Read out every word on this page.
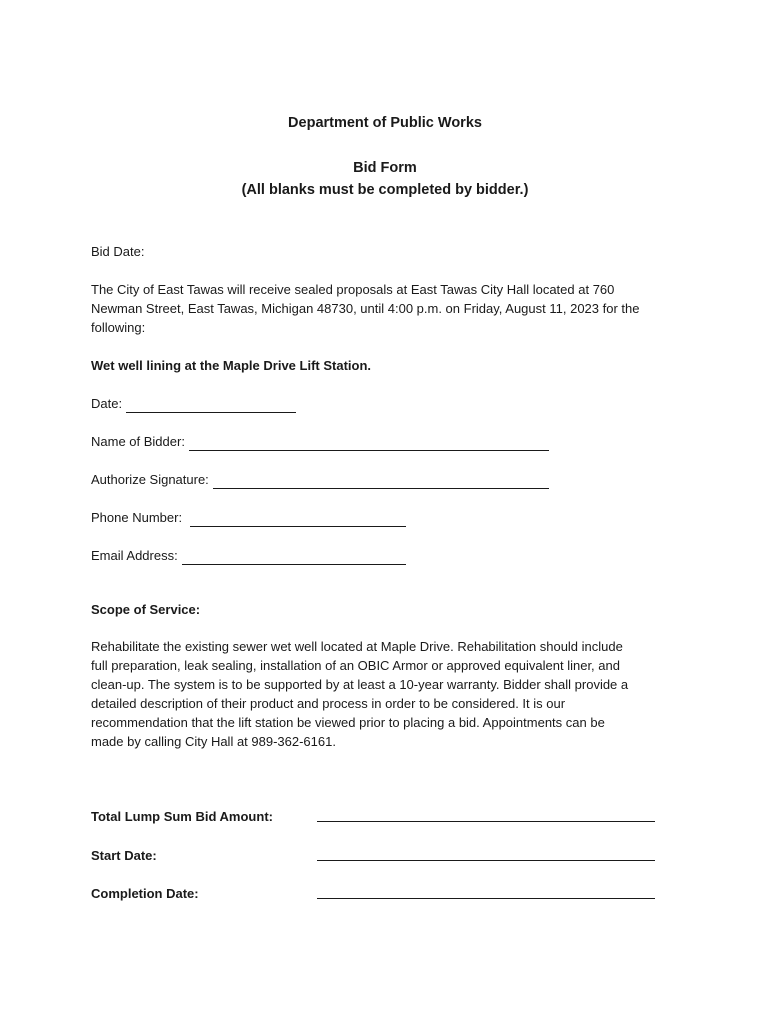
Department of Public Works
Bid Form
(All blanks must be completed by bidder.)
Bid Date:
The City of East Tawas will receive sealed proposals at East Tawas City Hall located at 760
Newman Street, East Tawas, Michigan 48730, until 4:00 p.m. on Friday, August 11, 2023 for the
following:
Wet well lining at the Maple Drive Lift Station.
Date:
Name of Bidder:
Authorize Signature:
Phone Number:
Email Address:
Scope of Service:
Rehabilitate the existing sewer wet well located at Maple Drive. Rehabilitation should include
full preparation, leak sealing, installation of an OBIC Armor or approved equivalent liner, and
clean-up. The system is to be supported by at least a 10-year warranty. Bidder shall provide a
detailed description of their product and process in order to be considered. It is our
recommendation that the lift station be viewed prior to placing a bid. Appointments can be
made by calling City Hall at 989-362-6161.
Total Lump Sum Bid Amount:
Start Date:
Completion Date:
